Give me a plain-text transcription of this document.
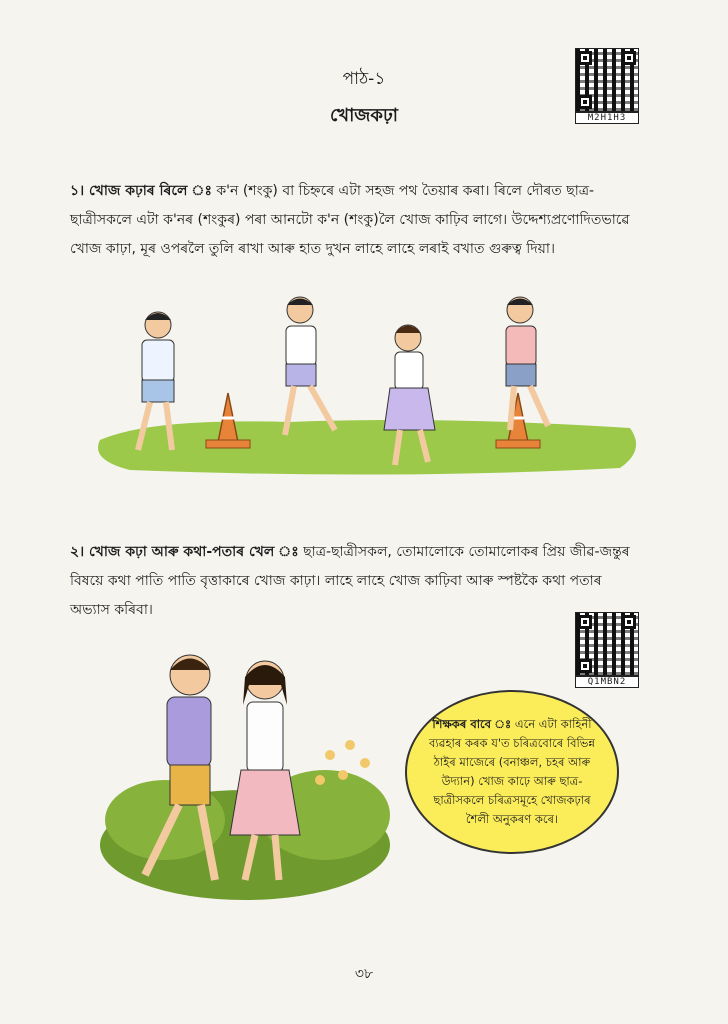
পাঠ-১
খোজকঢ়া	M2H1H3
১। খোজ কঢ়াৰ ৰিলে ঃ ক'ন (শংকু) বা চিহ্নৰে এটা সহজ পথ তৈয়াৰ কৰা। ৰিলে দৌৰত ছাত্ৰ-
ছাত্ৰীসকলে এটা ক'নৰ (শংকুৰ) পৰা আনটো ক'ন (শংকু)লৈ খোজ কাঢ়িব লাগে। উদ্দেশ্যপ্ৰণোদিতভাৱে
খোজ কাঢ়া, মূৰ ওপৰলৈ তুলি ৰাখা আৰু হাত দুখন লাহে লাহে লৰাই বখাত গুৰুত্ব দিয়া।
২। খোজ কঢ়া আৰু কথা-পতাৰ খেল ঃ ছাত্ৰ-ছাত্ৰীসকল, তোমালোকে তোমালোকৰ প্ৰিয় জীৱ-জন্তুৰ
বিষয়ে কথা পাতি পাতি বৃত্তাকাৰে খোজ কাঢ়া। লাহে লাহে খোজ কাঢ়িবা আৰু স্পষ্টকৈ কথা পতাৰ
অভ্যাস কৰিবা।
Q1MBN2
শিক্ষকৰ বাবে ঃ এনে এটা কাহিনী ব্যৱহাৰ কৰক য'ত চৰিত্ৰবোৰে বিভিন্ন ঠাইৰ মাজেৰে (বনাঞ্চল, চহৰ আৰু উদ্যান) খোজ কাঢ়ে আৰু ছাত্ৰ-ছাত্ৰীসকলে চৰিত্ৰসমূহে খোজকঢ়াৰ শৈলী অনুকৰণ কৰে।
৩৮
